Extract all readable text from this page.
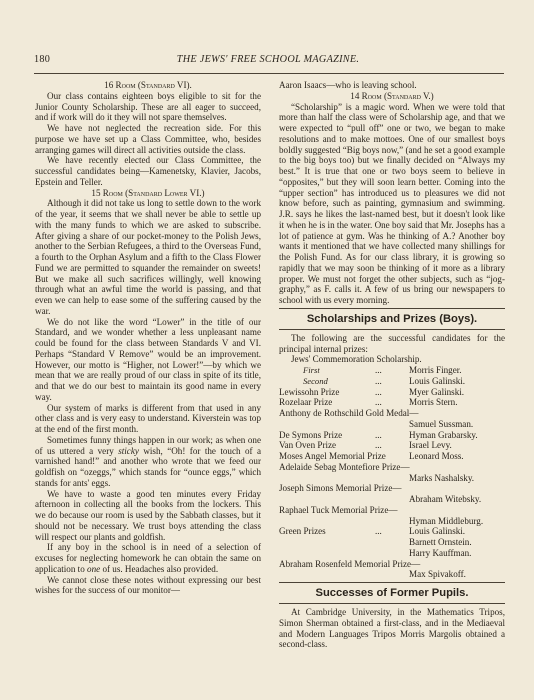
180	THE JEWS' FREE SCHOOL MAGAZINE.

16 Room (Standard VI).

Our class contains eighteen boys eligible to sit for the Junior County Scholarship. These are all eager to succeed, and if work will do it they will not spare themselves.

We have not neglected the recreation side. For this purpose we have set up a Class Committee, who, besides arranging games will direct all activities outside the class.

We have recently elected our Class Committee, the successful candidates being—Kamenetsky, Klavier, Jacobs, Epstein and Teller.

15 Room (Standard Lower VI.)

Although it did not take us long to settle down to the work of the year, it seems that we shall never be able to settle up with the many funds to which we are asked to subscribe. After giving a share of our pocket-money to the Polish Jews, another to the Serbian Refugees, a third to the Overseas Fund, a fourth to the Orphan Asylum and a fifth to the Class Flower Fund we are permitted to squander the remainder on sweets! But we make all such sacrifices willingly, well knowing through what an awful time the world is passing, and that even we can help to ease some of the suffering caused by the war.

We do not like the word “Lower” in the title of our Standard, and we wonder whether a less unpleasant name could be found for the class between Standards V and VI. Perhaps “Standard V Remove” would be an improvement. However, our motto is “Higher, not Lower!”—by which we mean that we are really proud of our class in spite of its title, and that we do our best to maintain its good name in every way.

Our system of marks is different from that used in any other class and is very easy to understand. Kiverstein was top at the end of the first month.

Sometimes funny things happen in our work; as when one of us uttered a very sticky wish, “Oh! for the touch of a varnished hand!” and another who wrote that we feed our goldfish on “ozeggs,” which stands for “ounce eggs,” which stands for ants' eggs.

We have to waste a good ten minutes every Friday afternoon in collecting all the books from the lockers. This we do because our room is used by the Sabbath classes, but it should not be necessary. We trust boys attending the class will respect our plants and goldfish.

If any boy in the school is in need of a selection of excuses for neglecting homework he can obtain the same on application to one of us. Headaches also provided.

We cannot close these notes without expressing our best wishes for the success of our monitor—

Aaron Isaacs—who is leaving school.

14 Room (Standard V.)

“Scholarship” is a magic word. When we were told that more than half the class were of Scholarship age, and that we were expected to “pull off” one or two, we began to make resolutions and to make mottoes. One of our smallest boys boldly suggested “Big boys now,” (and he set a good example to the big boys too) but we finally decided on “Always my best.” It is true that one or two boys seem to believe in “opposites,” but they will soon learn better. Coming into the “upper section” has introduced us to pleasures we did not know before, such as painting, gymnasium and swimming. J.R. says he likes the last-named best, but it doesn't look like it when he is in the water. One boy said that Mr. Josephs has a lot of patience at gym. Was he thinking of A.? Another boy wants it mentioned that we have collected many shillings for the Polish Fund. As for our class library, it is growing so rapidly that we may soon be thinking of it more as a library proper. We must not forget the other subjects, such as “jog-graphy,” as F. calls it. A few of us bring our newspapers to school with us every morning.

Scholarships and Prizes (Boys).

The following are the successful candidates for the principal internal prizes:

Jews' Commemoration Scholarship.
First	...	Morris Finger.
Second	...	Louis Galinski.
Lewissohn Prize	...	Myer Galinski.
Rozelaar Prize	...	Morris Stern.
Anthony de Rothschild Gold Medal—
Samuel Sussman.
De Symons Prize	...	Hyman Grabarsky.
Van Oven Prize	...	Israel Levy.
Moses Angel Memorial Prize	Leonard Moss.
Adelaide Sebag Montefiore Prize—
Marks Nashalsky.
Joseph Simons Memorial Prize—
Abraham Witebsky.
Raphael Tuck Memorial Prize—
Hyman Middleburg.
Green Prizes	...	Louis Galinski.
Barnett Ornstein.
Harry Kauffman.
Abraham Rosenfeld Memorial Prize—
Max Spivakoff.
Successes of Former Pupils.

At Cambridge University, in the Mathematics Tripos, Simon Sherman obtained a first-class, and in the Mediaeval and Modern Languages Tripos Morris Margolis obtained a second-class.
